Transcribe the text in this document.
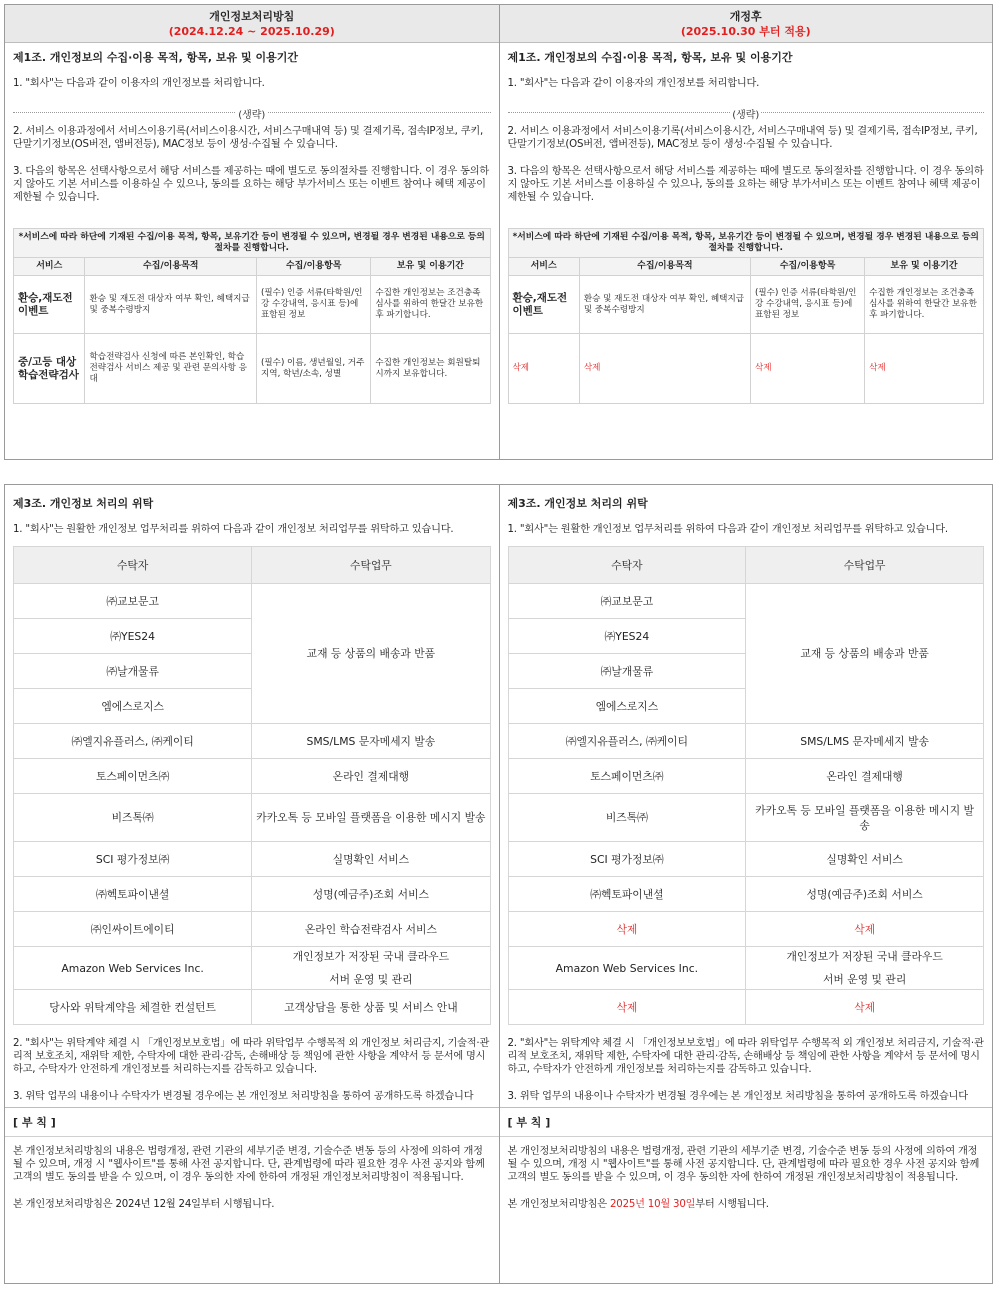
개인정보처리방침
(2024.12.24 ~ 2025.10.29)
제1조. 개인정보의 수집·이용 목적, 항목, 보유 및 이용기간
1. "회사"는 다음과 같이 이용자의 개인정보를 처리합니다.
(생략)
2. 서비스 이용과정에서 서비스이용기록(서비스이용시간, 서비스구매내역 등) 및 결제기록, 접속IP정보, 쿠키, 단말기기정보(OS버전, 앱버전등), MAC정보 등이 생성·수집될 수 있습니다.
3. 다음의 항목은 선택사항으로서 해당 서비스를 제공하는 때에 별도로 동의절차를 진행합니다. 이 경우 동의하지 않아도 기본 서비스를 이용하실 수 있으나, 동의를 요하는 해당 부가서비스 또는 이벤트 참여나 혜택 제공이 제한될 수 있습니다.
*서비스에 따라 하단에 기재된 수집/이용 목적, 항목, 보유기간 등이 변경될 수 있으며, 변경될 경우 변경된 내용으로 등의 절차를 진행합니다.			
서비스	수집/이용목적	수집/이용항목	보유 및 이용기간
환승,재도전이벤트	환승 및 재도전 대상자 여부 확인, 혜택지급 및 중복수령방지	(필수) 인증 서류(타학원/인강 수강내역, 응시표 등)에 표함된 정보	수집한 개인정보는 조건충족 심사를 위하여 한달간 보유한 후 파기합니다.
중/고등 대상 학습전략검사	학습전략검사 신청에 따른 본인확인, 학습전략검사 서비스 제공 및 관련 문의사항 응대	(필수) 이름, 생년월일, 거주지역, 학년/소속, 성별	수집한 개인정보는 회원탈퇴 시까지 보유합니다.
개정후
(2025.10.30 부터 적용)
제1조. 개인정보의 수집·이용 목적, 항목, 보유 및 이용기간
1. "회사"는 다음과 같이 이용자의 개인정보를 처리합니다.
(생략)
2. 서비스 이용과정에서 서비스이용기록(서비스이용시간, 서비스구매내역 등) 및 결제기록, 접속IP정보, 쿠키, 단말기기정보(OS버전, 앱버전등), MAC정보 등이 생성·수집될 수 있습니다.
3. 다음의 항목은 선택사항으로서 해당 서비스를 제공하는 때에 별도로 동의절차를 진행합니다. 이 경우 동의하지 않아도 기본 서비스를 이용하실 수 있으나, 동의를 요하는 해당 부가서비스 또는 이벤트 참여나 혜택 제공이 제한될 수 있습니다.
*서비스에 따라 하단에 기재된 수집/이용 목적, 항목, 보유기간 등이 변경될 수 있으며, 변경될 경우 변경된 내용으로 등의 절차를 진행합니다.			
서비스	수집/이용목적	수집/이용항목	보유 및 이용기간
환승,재도전이벤트	환승 및 재도전 대상자 여부 확인, 혜택지급 및 중복수령방지	(필수) 인증 서류(타학원/인강 수강내역, 응시표 등)에 표함된 정보	수집한 개인정보는 조건충족 심사를 위하여 한달간 보유한 후 파기합니다.
삭제	삭제	삭제	삭제
제3조. 개인정보 처리의 위탁
1. "회사"는 원활한 개인정보 업무처리를 위하여 다음과 같이 개인정보 처리업무를 위탁하고 있습니다.
수탁자	수탁업무
㈜교보문고	교재 등 상품의 배송과 반품
㈜YES24	
㈜날개물류	
엠에스로지스	
㈜엘지유플러스, ㈜케이티	SMS/LMS 문자메세지 발송
토스페이먼츠㈜	온라인 결제대행
비즈톡㈜	카카오톡 등 모바일 플랫폼을 이용한 메시지 발송
SCI 평가정보㈜	실명확인 서비스
㈜헥토파이낸셜	성명(예금주)조회 서비스
㈜인싸이트에이티	온라인 학습전략검사 서비스
Amazon Web Services Inc.	개인정보가 저장된 국내 클라우드
서버 운영 및 관리

당사와 위탁계약을 체결한 컨설턴트	고객상담을 통한 상품 및 서비스 안내
2. "회사"는 위탁계약 체결 시 「개인정보보호법」에 따라 위탁업무 수행목적 외 개인정보 처리금지, 기술적·관리적 보호조치, 재위탁 제한, 수탁자에 대한 관리·감독, 손해배상 등 책임에 관한 사항을 계약서 등 문서에 명시하고, 수탁자가 안전하게 개인정보를 처리하는지를 감독하고 있습니다.
3. 위탁 업무의 내용이나 수탁자가 변경될 경우에는 본 개인정보 처리방침을 통하여 공개하도록 하겠습니다
[ 부 칙 ]
본 개인정보처리방침의 내용은 법령개정, 관련 기관의 세부기준 변경, 기술수준 변동 등의 사정에 의하여 개정될 수 있으며, 개정 시 "웹사이트"를 통해 사전 공지합니다. 단, 관계법령에 따라 필요한 경우 사전 공지와 함께 고객의 별도 동의를 받을 수 있으며, 이 경우 동의한 자에 한하여 개정된 개인정보처리방침이 적용됩니다.
본 개인정보처리방침은 2024년 12월 24일부터 시행됩니다.
제3조. 개인정보 처리의 위탁
1. "회사"는 원활한 개인정보 업무처리를 위하여 다음과 같이 개인정보 처리업무를 위탁하고 있습니다.
수탁자	수탁업무
㈜교보문고	교재 등 상품의 배송과 반품
㈜YES24	
㈜날개물류	
엠에스로지스	
㈜엘지유플러스, ㈜케이티	SMS/LMS 문자메세지 발송
토스페이먼츠㈜	온라인 결제대행
비즈톡㈜	카카오톡 등 모바일 플랫폼을 이용한 메시지 발송
SCI 평가정보㈜	실명확인 서비스
㈜헥토파이낸셜	성명(예금주)조회 서비스
삭제	삭제
Amazon Web Services Inc.	개인정보가 저장된 국내 클라우드
서버 운영 및 관리

삭제	삭제
2. "회사"는 위탁계약 체결 시 「개인정보보호법」에 따라 위탁업무 수행목적 외 개인정보 처리금지, 기술적·관리적 보호조치, 재위탁 제한, 수탁자에 대한 관리·감독, 손해배상 등 책임에 관한 사항을 계약서 등 문서에 명시하고, 수탁자가 안전하게 개인정보를 처리하는지를 감독하고 있습니다.
3. 위탁 업무의 내용이나 수탁자가 변경될 경우에는 본 개인정보 처리방침을 통하여 공개하도록 하겠습니다
[ 부 칙 ]
본 개인정보처리방침의 내용은 법령개정, 관련 기관의 세부기준 변경, 기술수준 변동 등의 사정에 의하여 개정될 수 있으며, 개정 시 "웹사이트"를 통해 사전 공지합니다. 단, 관계법령에 따라 필요한 경우 사전 공지와 함께 고객의 별도 동의를 받을 수 있으며, 이 경우 동의한 자에 한하여 개정된 개인정보처리방침이 적용됩니다.
본 개인정보처리방침은 2025년 10월 30일부터 시행됩니다.
